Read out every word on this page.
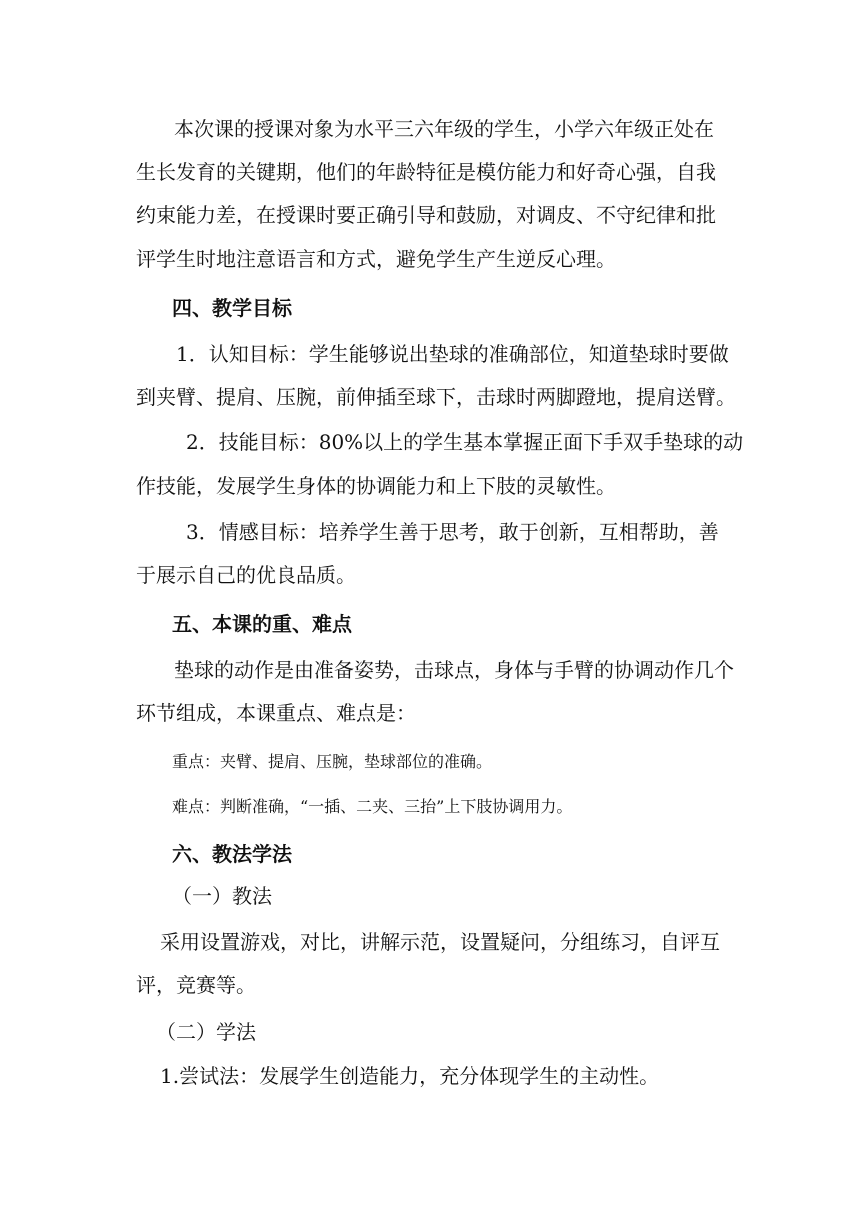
本次课的授课对象为水平三六年级的学生，小学六年级正处在
生长发育的关键期，他们的年龄特征是模仿能力和好奇心强，自我
约束能力差，在授课时要正确引导和鼓励，对调皮、不守纪律和批
评学生时地注意语言和方式，避免学生产生逆反心理。
四、教学目标
1．认知目标：学生能够说出垫球的准确部位，知道垫球时要做
到夹臂、提肩、压腕，前伸插至球下，击球时两脚蹬地，提肩送臂。
2．技能目标：80%以上的学生基本掌握正面下手双手垫球的动
作技能，发展学生身体的协调能力和上下肢的灵敏性。
3．情感目标：培养学生善于思考，敢于创新，互相帮助，善
于展示自己的优良品质。
五、本课的重、难点
垫球的动作是由准备姿势，击球点，身体与手臂的协调动作几个
环节组成，本课重点、难点是：
重点：夹臂、提肩、压腕，垫球部位的准确。
难点：判断准确，“一插、二夹、三抬”上下肢协调用力。
六、教法学法
（一）教法
采用设置游戏，对比，讲解示范，设置疑问，分组练习，自评互
评，竞赛等。
（二）学法
1.尝试法：发展学生创造能力，充分体现学生的主动性。
